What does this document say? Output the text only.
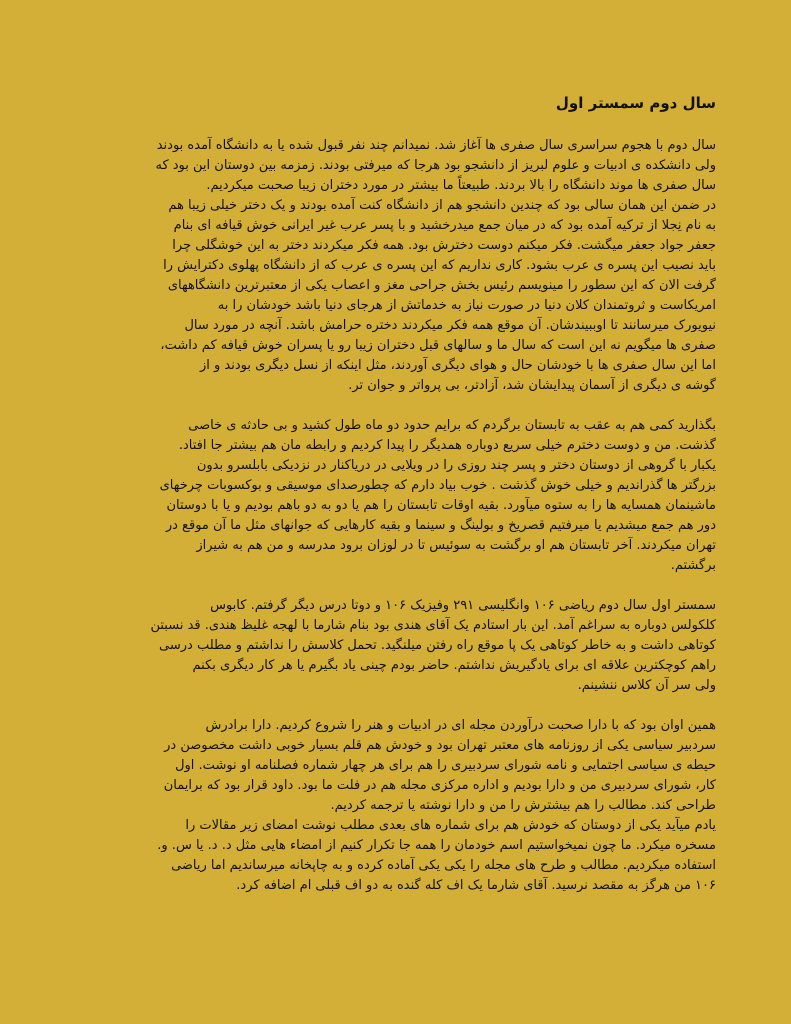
سال دوم سمستر اول
سال دوم با هجوم سراسری سال صفری ها آغاز شد. نمیدانم چند نفر قبول شده یا به دانشگاه آمده بودند
ولی دانشکده ی ادبیات و علوم لبریز از دانشجو بود هرجا که میرفتی بودند. زمزمه بین دوستان این بود که
سال صفری ها موند دانشگاه را بالا بردند. طبیعتاً ما بیشتر در مورد دختران زیبا صحبت میکردیم.
در ضمن این همان سالی بود که چندین دانشجو هم از دانشگاه کنت آمده بودند و یک دختر خیلی زیبا هم
به نام نِجلا از ترکیه آمده بود که در میان جمع میدرخشید و با پسر عرب غیر ایرانی خوش قیافه ای بنام
جعفر جواد جعفر میگشت. فکر میکنم دوست دخترش بود. همه فکر میکردند دختر به این خوشگلی چرا
باید نصیب این پسره ی عرب بشود. کاری نداریم که این پسره ی عرب که از دانشگاه پهلوی دکترایش را
گرفت الان که این سطور را مینویسم رئیس بخش جراحی مغز و اعصاب یکی از معتبرترین دانشگاههای
امریکاست و ثروتمندان کلان دنیا در صورت نیاز به خدماتش از هرجای دنیا باشد خودشان را به
نیویورک میرسانند تا اوببیندشان. آن موقع همه فکر میکردند دختره حرامش باشد. آنچه در مورد سال
صفری ها میگویم نه این است که سال ما و سالهای قبل دختران زیبا رو یا پسران خوش قیافه کم داشت،
اما این سال صفری ها با خودشان حال و هوای دیگری آوردند، مثل اینکه از نسل دیگری بودند و از
گوشه ی دیگری از آسمان پیدایشان شد، آزادتر، بی پرواتر و جوان تر.
بگذارید کمی هم به عقب به تابستان برگردم که برایم حدود دو ماه طول کشید و بی حادثه ی خاصی
گذشت. من و دوست دخترم خیلی سریع دوباره همدیگر را پیدا کردیم و رابطه مان هم بیشتر جا افتاد.
یکبار با گروهی از دوستان دختر و پسر چند روزی را در ویلایی در دریاکنار در نزدیکی بابلسرو بدون
بزرگتر ها گذراندیم و خیلی خوش گذشت . خوب بیاد دارم که چطورصدای موسیقی و بوکسوبات چرخهای
ماشینمان همسایه ها را به ستوه میآورد. بقیه اوقات تابستان را هم یا دو به دو باهم بودیم و یا با دوستان
دور هم جمع میشدیم یا میرفتیم قصریخ و بولینگ و سینما و بقیه کارهایی که جوانهای مثل ما آن موقع در
تهران میکردند. آخر تابستان هم او برگشت به سوئیس تا در لوزان برود مدرسه و من هم به شیراز
برگشتم.
سمستر اول سال دوم ریاضی ۱۰۶ وانگلیسی ۲۹۱ وفیزیک ۱۰۶ و دوتا درس دیگر گرفتم. کابوس
کلکولس دوباره به سراغم آمد. این بار استادم یک آقای هندی بود بنام شارما با لهجه غلیظ هندی. قد نسبتن
کوتاهی داشت و به خاطر کوتاهی یک پا موقع راه رفتن میلنگید. تحمل کلاسش را نداشتم و مطلب درسی
راهم کوچکترین علاقه ای برای یادگیریش نداشتم. حاضر بودم چینی یاد بگیرم یا هر کار دیگری بکنم
ولی سر آن کلاس ننشینم.
همین اوان بود که با دارا صحبت درآوردن مجله ای در ادبیات و هنر را شروع کردیم. دارا برادرش
سردبیر سیاسی یکی از روزنامه های معتبر تهران بود و خودش هم قلم بسیار خوبی داشت مخصوصن در
حیطه ی سیاسی اجتمایی و نامه شورای سردبیری را هم برای هر چهار شماره فصلنامه او نوشت. اول
کار، شورای سردبیری من و دارا بودیم و اداره مرکزی مجله هم در فلت ما بود. داود قرار بود که برایمان
طراحی کند. مطالب را هم بیشترش را من و دارا نوشته یا ترجمه کردیم.
یادم میآید یکی از دوستان که خودش هم برای شماره های بعدی مطلب نوشت امضای زیر مقالات را
مسخره میکرد. ما چون نمیخواستیم اسم خودمان را همه جا تکرار کنیم از امضاء هایی مثل د. د. یا س. و.
استفاده میکردیم. مطالب و طرح های مجله را یکی یکی آماده کرده و به چاپخانه میرساندیم اما ریاضی
۱۰۶ من هرگز به مقصد نرسید. آقای شارما یک اف کله گنده به دو اف قبلی ام اضافه کرد.
